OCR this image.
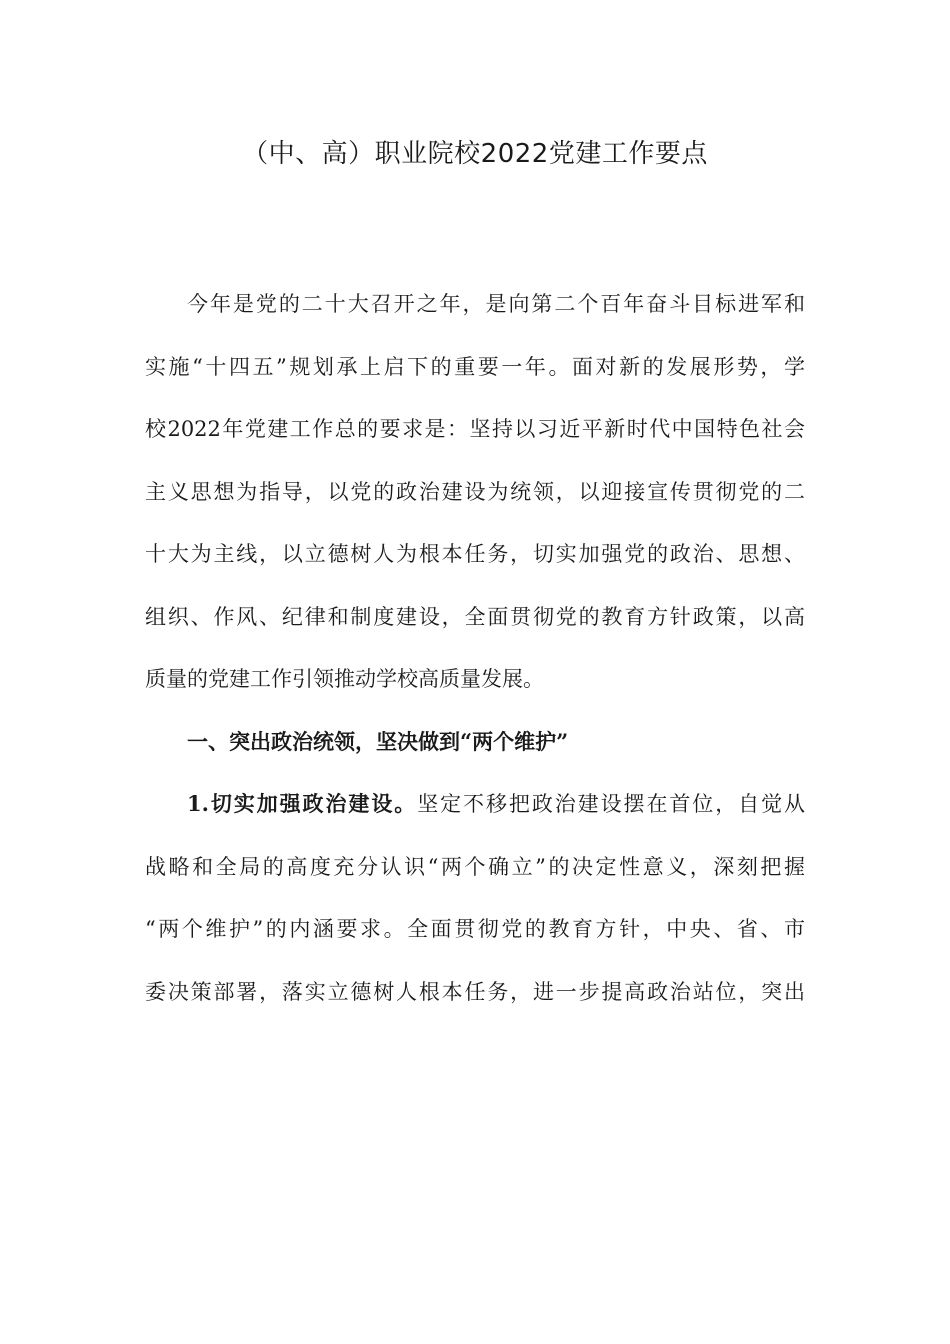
（中、高）职业院校2022党建工作要点
今年是党的二十大召开之年，是向第二个百年奋斗目标进军和
实施“十四五”规划承上启下的重要一年。面对新的发展形势，学
校2022年党建工作总的要求是：坚持以习近平新时代中国特色社会
主义思想为指导，以党的政治建设为统领，以迎接宣传贯彻党的二
十大为主线，以立德树人为根本任务，切实加强党的政治、思想、
组织、作风、纪律和制度建设，全面贯彻党的教育方针政策，以高
质量的党建工作引领推动学校高质量发展。
一、突出政治统领，坚决做到“两个维护”
1.切实加强政治建设。坚定不移把政治建设摆在首位，自觉从
战略和全局的高度充分认识“两个确立”的决定性意义，深刻把握
“两个维护”的内涵要求。全面贯彻党的教育方针，中央、省、市
委决策部署，落实立德树人根本任务，进一步提高政治站位，突出
